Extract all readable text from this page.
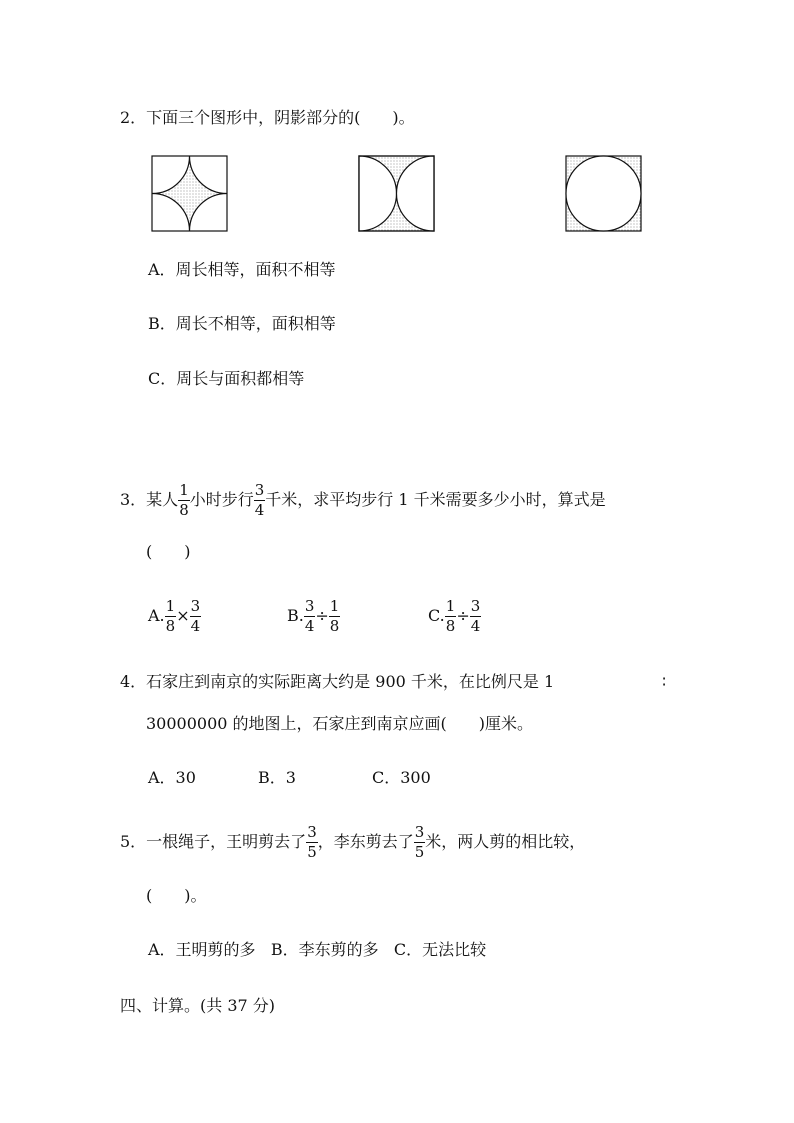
2．下面三个图形中，阴影部分的(　　)。
A．周长相等，面积不相等
B．周长不相等，面积相等
C．周长与面积都相等
3．某人 $\frac{1}{8}$ 小时步行 $\frac{3}{4}$ 千米，求平均步行 1 千米需要多少小时，算式是
(　　)
A. $\frac{1}{8} \times \frac{3}{4}$	B. $\frac{3}{4} \div \frac{1}{8}$	C. $\frac{1}{8} \div \frac{3}{4}$
4．石家庄到南京的实际距离大约是 900 千米，在比例尺是 1	∶
30000000 的地图上，石家庄到南京应画(　　)厘米。
A．30	B．3	C．300
5．一根绳子，王明剪去了 $\frac{3}{5}$ ，李东剪去了 $\frac{3}{5}$ 米，两人剪的相比较，
(　　)。
A．王明剪的多 B．李东剪的多 C．无法比较
四、计算。(共 37 分)
